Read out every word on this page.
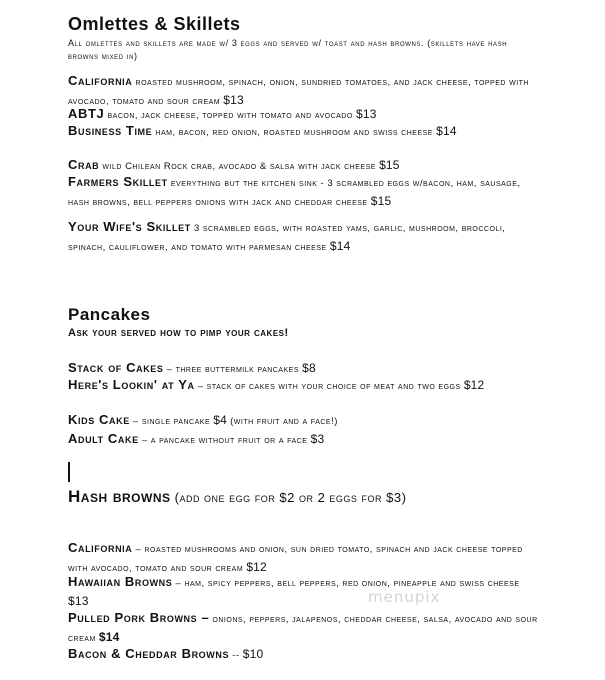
Omlettes & Skillets

All omlettes and skillets are made w/ 3 eggs and served w/ toast and hash browns. (skillets have hash browns mixed in)

California roasted mushroom, spinach, onion, sundried tomatoes, and jack cheese, topped with avocado, tomato and sour cream $13

ABTJ bacon, jack cheese, topped with tomato and avocado $13

Business Time ham, bacon, red onion, roasted mushroom and swiss cheese $14

Crab wild Chilean Rock crab, avocado & salsa with jack cheese $15

Farmers Skillet everything but the kitchen sink - 3 scrambled eggs w/bacon, ham, sausage, hash browns, bell peppers onions with jack and cheddar cheese $15

Your Wife's Skillet 3 scrambled eggs, with roasted yams, garlic, mushroom, broccoli, spinach, cauliflower, and tomato with parmesan cheese $14

Pancakes

Ask your served how to pimp your cakes!

Stack of Cakes – three buttermilk pancakes $8

Here's Lookin' at Ya – stack of cakes with your choice of meat and two eggs $12

Kids Cake – single pancake $4 (with fruit and a face!)

Adult Cake – a pancake without fruit or a face $3

Hash browns (add one egg for $2 or 2 eggs for $3)

California – roasted mushrooms and onion, sun dried tomato, spinach and jack cheese topped with avocado, tomato and sour cream $12

Hawaiian Browns – ham, spicy peppers, bell peppers, red onion, pineapple and swiss cheese $13

Pulled Pork Browns – onions, peppers, jalapenos, cheddar cheese, salsa, avocado and sour cream $14

Bacon & Cheddar Browns -- $10

menupix
